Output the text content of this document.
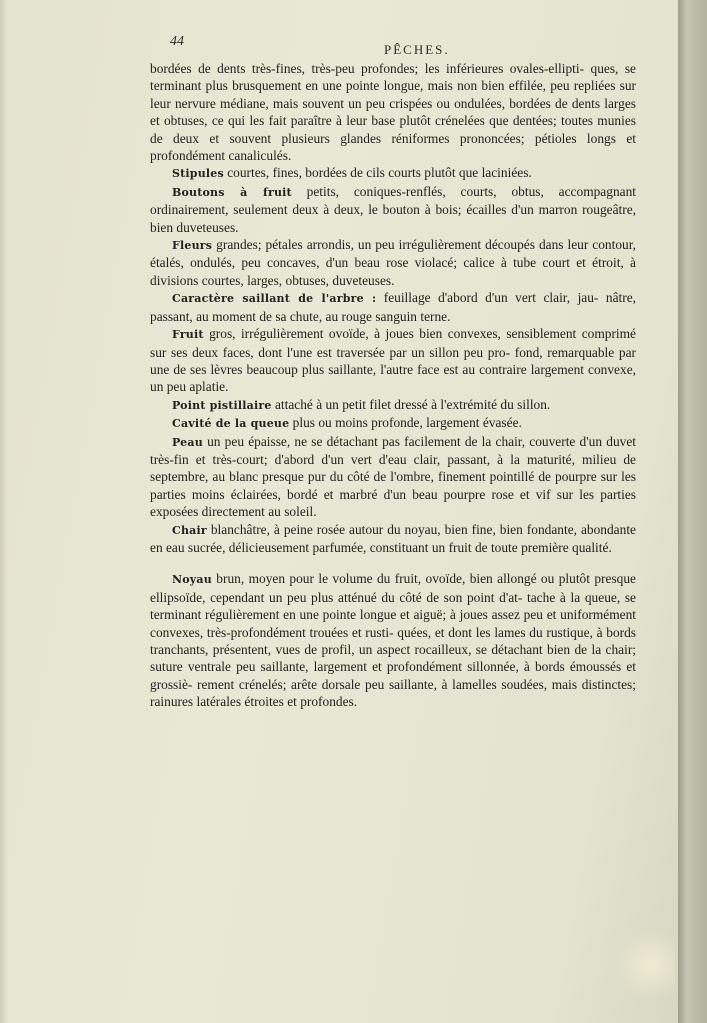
44
PÊCHES.

bordées de dents très-fines, très-peu profondes; les inférieures ovales-ellipti- ques, se terminant plus brusquement en une pointe longue, mais non bien effilée, peu repliées sur leur nervure médiane, mais souvent un peu crispées ou ondulées, bordées de dents larges et obtuses, ce qui les fait paraître à leur base plutôt crénelées que dentées; toutes munies de deux et souvent plusieurs glandes réniformes prononcées; pétioles longs et profondément canaliculés.

Stipules courtes, fines, bordées de cils courts plutôt que laciniées.

Boutons à fruit petits, coniques-renflés, courts, obtus, accompagnant ordinairement, seulement deux à deux, le bouton à bois; écailles d'un marron rougeâtre, bien duveteuses.

Fleurs grandes; pétales arrondis, un peu irrégulièrement découpés dans leur contour, étalés, ondulés, peu concaves, d'un beau rose violacé; calice à tube court et étroit, à divisions courtes, larges, obtuses, duveteuses.

Caractère saillant de l'arbre : feuillage d'abord d'un vert clair, jau- nâtre, passant, au moment de sa chute, au rouge sanguin terne.

Fruit gros, irrégulièrement ovoïde, à joues bien convexes, sensiblement comprimé sur ses deux faces, dont l'une est traversée par un sillon peu pro- fond, remarquable par une de ses lèvres beaucoup plus saillante, l'autre face est au contraire largement convexe, un peu aplatie.

Point pistillaire attaché à un petit filet dressé à l'extrémité du sillon.

Cavité de la queue plus ou moins profonde, largement évasée.

Peau un peu épaisse, ne se détachant pas facilement de la chair, couverte d'un duvet très-fin et très-court; d'abord d'un vert d'eau clair, passant, à la maturité, milieu de septembre, au blanc presque pur du côté de l'ombre, finement pointillé de pourpre sur les parties moins éclairées, bordé et marbré d'un beau pourpre rose et vif sur les parties exposées directement au soleil.

Chair blanchâtre, à peine rosée autour du noyau, bien fine, bien fondante, abondante en eau sucrée, délicieusement parfumée, constituant un fruit de toute première qualité.

Noyau brun, moyen pour le volume du fruit, ovoïde, bien allongé ou plutôt presque ellipsoïde, cependant un peu plus atténué du côté de son point d'at- tache à la queue, se terminant régulièrement en une pointe longue et aiguë; à joues assez peu et uniformément convexes, très-profondément trouées et rusti- quées, et dont les lames du rustique, à bords tranchants, présentent, vues de profil, un aspect rocailleux, se détachant bien de la chair; suture ventrale peu saillante, largement et profondément sillonnée, à bords émoussés et grossiè- rement crénelés; arête dorsale peu saillante, à lamelles soudées, mais distinctes; rainures latérales étroites et profondes.
